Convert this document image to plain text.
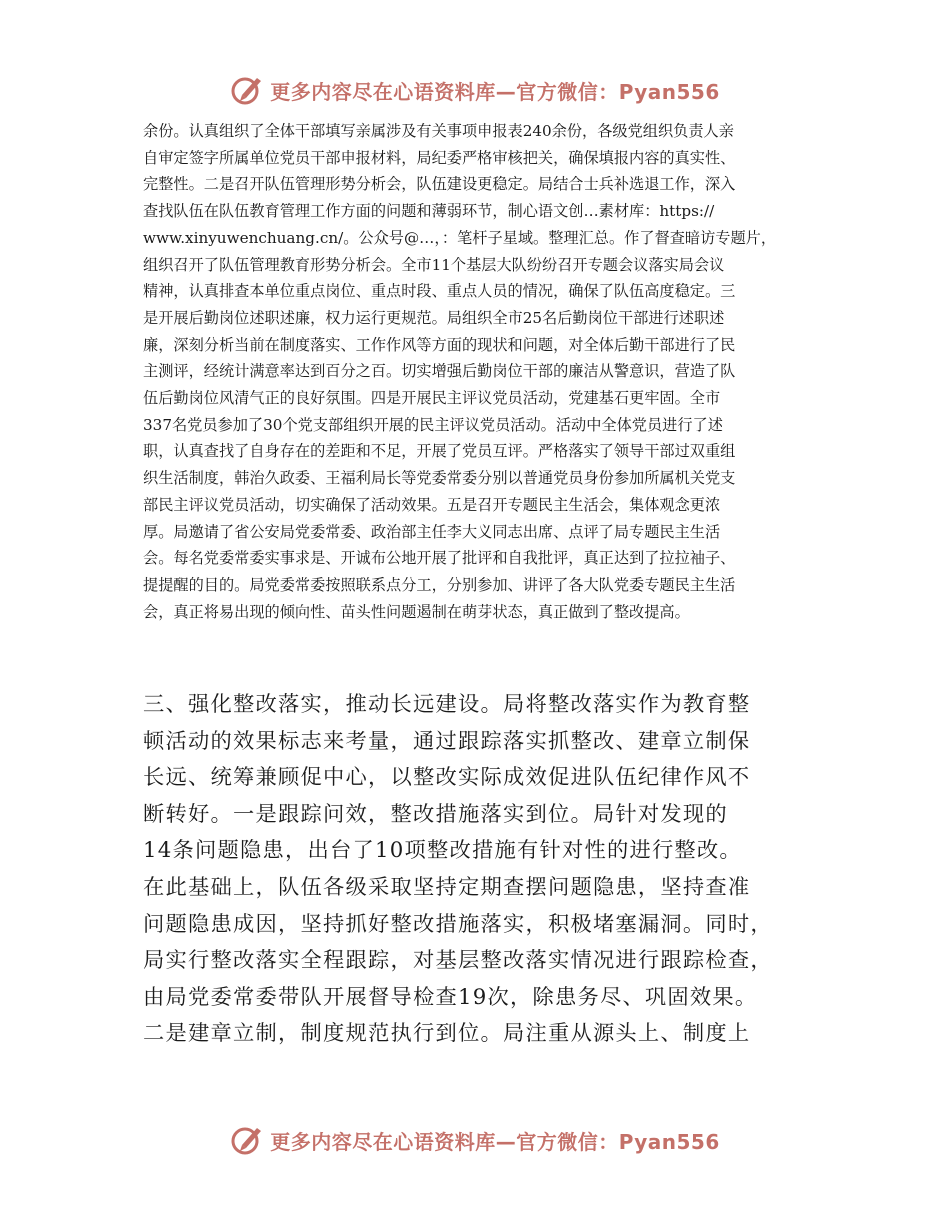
更多内容尽在心语资料库—官方微信：Pyan556

余份。认真组织了全体干部填写亲属涉及有关事项申报表240余份，各级党组织负责人亲

自审定签字所属单位党员干部申报材料，局纪委严格审核把关，确保填报内容的真实性、

完整性。二是召开队伍管理形势分析会，队伍建设更稳定。局结合士兵补选退工作，深入

查找队伍在队伍教育管理工作方面的问题和薄弱环节，制心语文创…素材库：https://

www.xinyuwenchuang.cn/。公众号@…，：笔杆子星域。整理汇总。作了督查暗访专题片，

组织召开了队伍管理教育形势分析会。全市11个基层大队纷纷召开专题会议落实局会议

精神，认真排查本单位重点岗位、重点时段、重点人员的情况，确保了队伍高度稳定。三

是开展后勤岗位述职述廉，权力运行更规范。局组织全市25名后勤岗位干部进行述职述

廉，深刻分析当前在制度落实、工作作风等方面的现状和问题，对全体后勤干部进行了民

主测评，经统计满意率达到百分之百。切实增强后勤岗位干部的廉洁从警意识，营造了队

伍后勤岗位风清气正的良好氛围。四是开展民主评议党员活动，党建基石更牢固。全市

337名党员参加了30个党支部组织开展的民主评议党员活动。活动中全体党员进行了述

职，认真查找了自身存在的差距和不足，开展了党员互评。严格落实了领导干部过双重组

织生活制度，韩治久政委、王福利局长等党委常委分别以普通党员身份参加所属机关党支

部民主评议党员活动，切实确保了活动效果。五是召开专题民主生活会，集体观念更浓

厚。局邀请了省公安局党委常委、政治部主任李大义同志出席、点评了局专题民主生活

会。每名党委常委实事求是、开诚布公地开展了批评和自我批评，真正达到了拉拉袖子、

提提醒的目的。局党委常委按照联系点分工，分别参加、讲评了各大队党委专题民主生活

会，真正将易出现的倾向性、苗头性问题遏制在萌芽状态，真正做到了整改提高。

三、强化整改落实，推动长远建设。局将整改落实作为教育整

顿活动的效果标志来考量，通过跟踪落实抓整改、建章立制保

长远、统筹兼顾促中心，以整改实际成效促进队伍纪律作风不

断转好。一是跟踪问效，整改措施落实到位。局针对发现的

14条问题隐患，出台了10项整改措施有针对性的进行整改。

在此基础上，队伍各级采取坚持定期查摆问题隐患，坚持查准

问题隐患成因，坚持抓好整改措施落实，积极堵塞漏洞。同时，

局实行整改落实全程跟踪，对基层整改落实情况进行跟踪检查，

由局党委常委带队开展督导检查19次，除患务尽、巩固效果。

二是建章立制，制度规范执行到位。局注重从源头上、制度上

更多内容尽在心语资料库—官方微信：Pyan556
